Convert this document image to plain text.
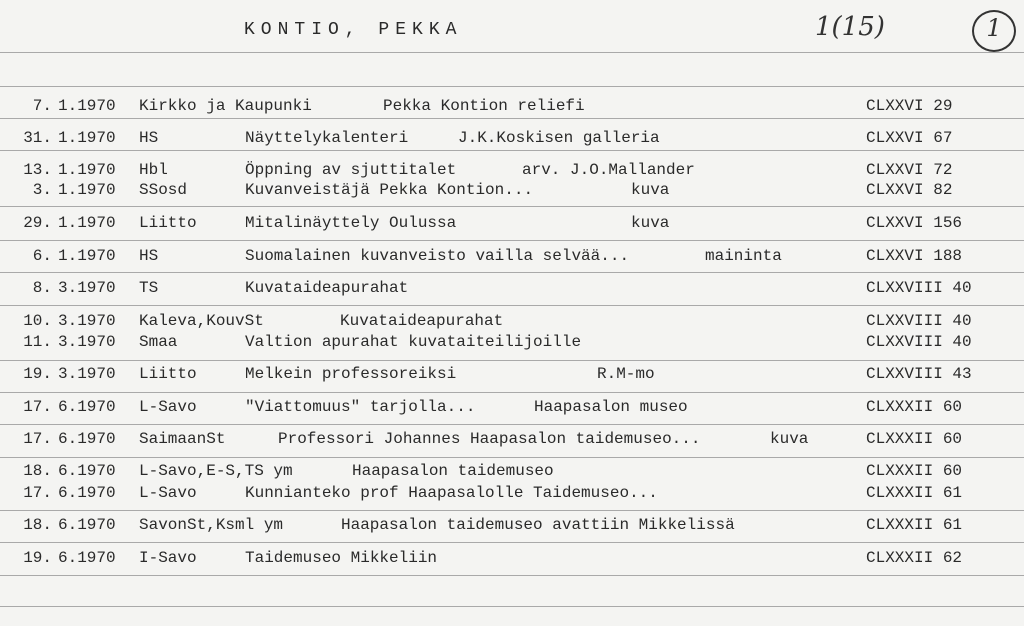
KONTIO, PEKKA	1(15)	1
7. 1.1970 Kirkko ja Kaupunki	Pekka Kontion reliefi	CLXXVI 29
31. 1.1970 HS	Näyttelykalenteri	J.K.Koskisen galleria	CLXXVI 67
13. 1.1970 Hbl	Öppning av sjuttitalet	arv. J.O.Mallander	CLXXVI 72
3. 1.1970 SSosd	Kuvanveistäjä Pekka Kontion...	kuva	CLXXVI 82
29. 1.1970 Liitto	Mitalinäyttely Oulussa	kuva	CLXXVI 156
6. 1.1970 HS	Suomalainen kuvanveisto vailla selvää...	maininta	CLXXVI 188
8. 3.1970 TS	Kuvataideapurahat	CLXXVIII 40
10. 3.1970 Kaleva,KouvSt	Kuvataideapurahat	CLXXVIII 40
11. 3.1970 Smaa	Valtion apurahat kuvataiteilijoille	CLXXVIII 40
19. 3.1970 Liitto	Melkein professoreiksi	R.M-mo	CLXXVIII 43
17. 6.1970 L-Savo	"Viattomuus" tarjolla...	Haapasalon museo	CLXXXII 60
17. 6.1970 SaimaanSt	Professori Johannes Haapasalon taidemuseo...	kuva	CLXXXII 60
18. 6.1970 L-Savo,E-S,TS ym	Haapasalon taidemuseo	CLXXXII 60
17. 6.1970 L-Savo	Kunnianteko prof Haapasalolle Taidemuseo...	CLXXXII 61
18. 6.1970 SavonSt,Ksml ym	Haapasalon taidemuseo avattiin Mikkelissä	CLXXXII 61
19. 6.1970 I-Savo	Taidemuseo Mikkeliin	CLXXXII 62
